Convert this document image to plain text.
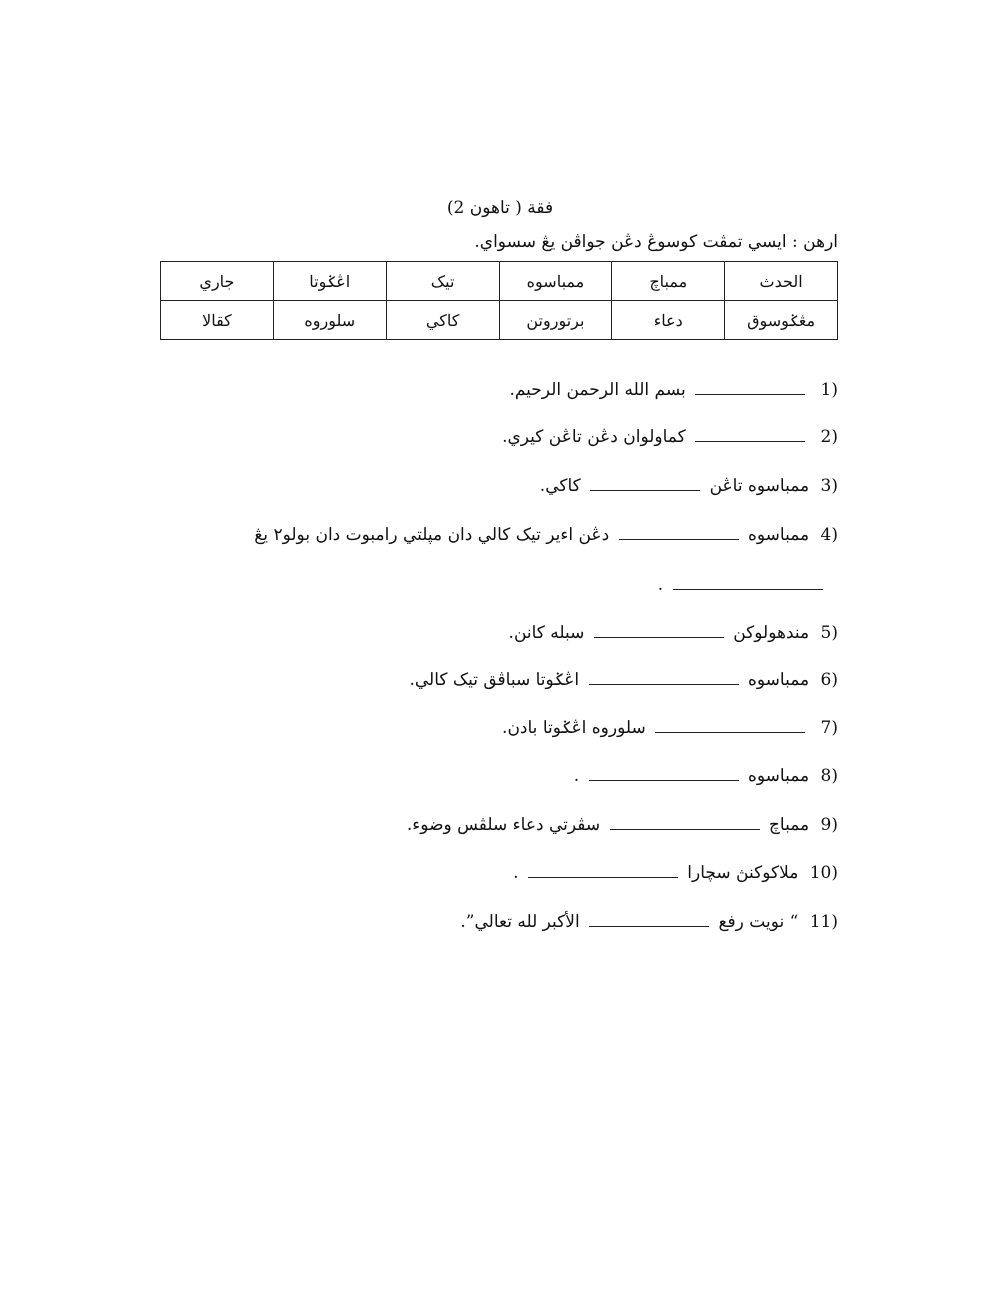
فقة ( تاهون 2)
ارهن : ايسي تمڤت كوسوڠ دڠن جواڤن يڠ سسواي.
الحدث	ممباچ	ممباسوه	تيک	اڠݢوتا	جاري
مڠݢوسوق	دعاء	برتوروتن	كاكي	سلوروه	کقالا
1)  بسم الله الرحمن الرحيم.
2)  كماولوان دڠن تاڠن كيري.
3) ممباسوه تاڠن  كاكي.
4) ممباسوه  دڠن اءير تيک كالي دان مپلتي رامبوت دان بولو٢ يڠ
.
5) مندهولوكن  سبله كانن.
6) ممباسوه  اڠݢوتا سباڤق تيک كالي.
7)  سلوروه اڠݢوتا بادن.
8) ممباسوه  .
9) ممباچ  سڤرتي دعاء سلڤس وضوء.
10) ملاكوكنڽ سچارا  .
11) “ نويت رفع  الأكبر لله تعالي”.
